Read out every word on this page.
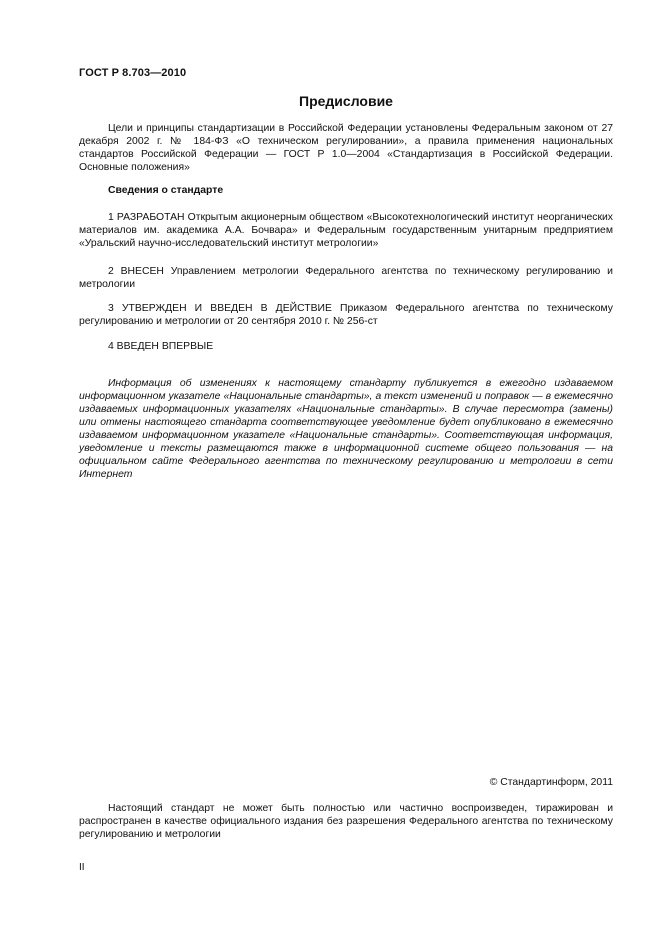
ГОСТ Р 8.703—2010
Предисловие

Цели и принципы стандартизации в Российской Федерации установлены Федеральным законом от 27 декабря 2002 г. № 184-ФЗ «О техническом регулировании», а правила применения национальных стандартов Российской Федерации — ГОСТ Р 1.0—2004 «Стандартизация в Российской Федерации. Основные положения»

Сведения о стандарте

1 РАЗРАБОТАН Открытым акционерным обществом «Высокотехнологический институт неорганических материалов им. академика А.А. Бочвара» и Федеральным государственным унитарным предприятием «Уральский научно-исследовательский институт метрологии»

2 ВНЕСЕН Управлением метрологии Федерального агентства по техническому регулированию и метрологии

3 УТВЕРЖДЕН И ВВЕДЕН В ДЕЙСТВИЕ Приказом Федерального агентства по техническому регулированию и метрологии от 20 сентября 2010 г. № 256-ст

4 ВВЕДЕН ВПЕРВЫЕ

Информация об изменениях к настоящему стандарту публикуется в ежегодно издаваемом информационном указателе «Национальные стандарты», а текст изменений и поправок — в ежемесячно издаваемых информационных указателях «Национальные стандарты». В случае пересмотра (замены) или отмены настоящего стандарта соответствующее уведомление будет опубликовано в ежемесячно издаваемом информационном указателе «Национальные стандарты». Соответствующая информация, уведомление и тексты размещаются также в информационной системе общего пользования — на официальном сайте Федерального агентства по техническому регулированию и метрологии в сети Интернет

© Стандартинформ, 2011

Настоящий стандарт не может быть полностью или частично воспроизведен, тиражирован и распространен в качестве официального издания без разрешения Федерального агентства по техническому регулированию и метрологии

II
